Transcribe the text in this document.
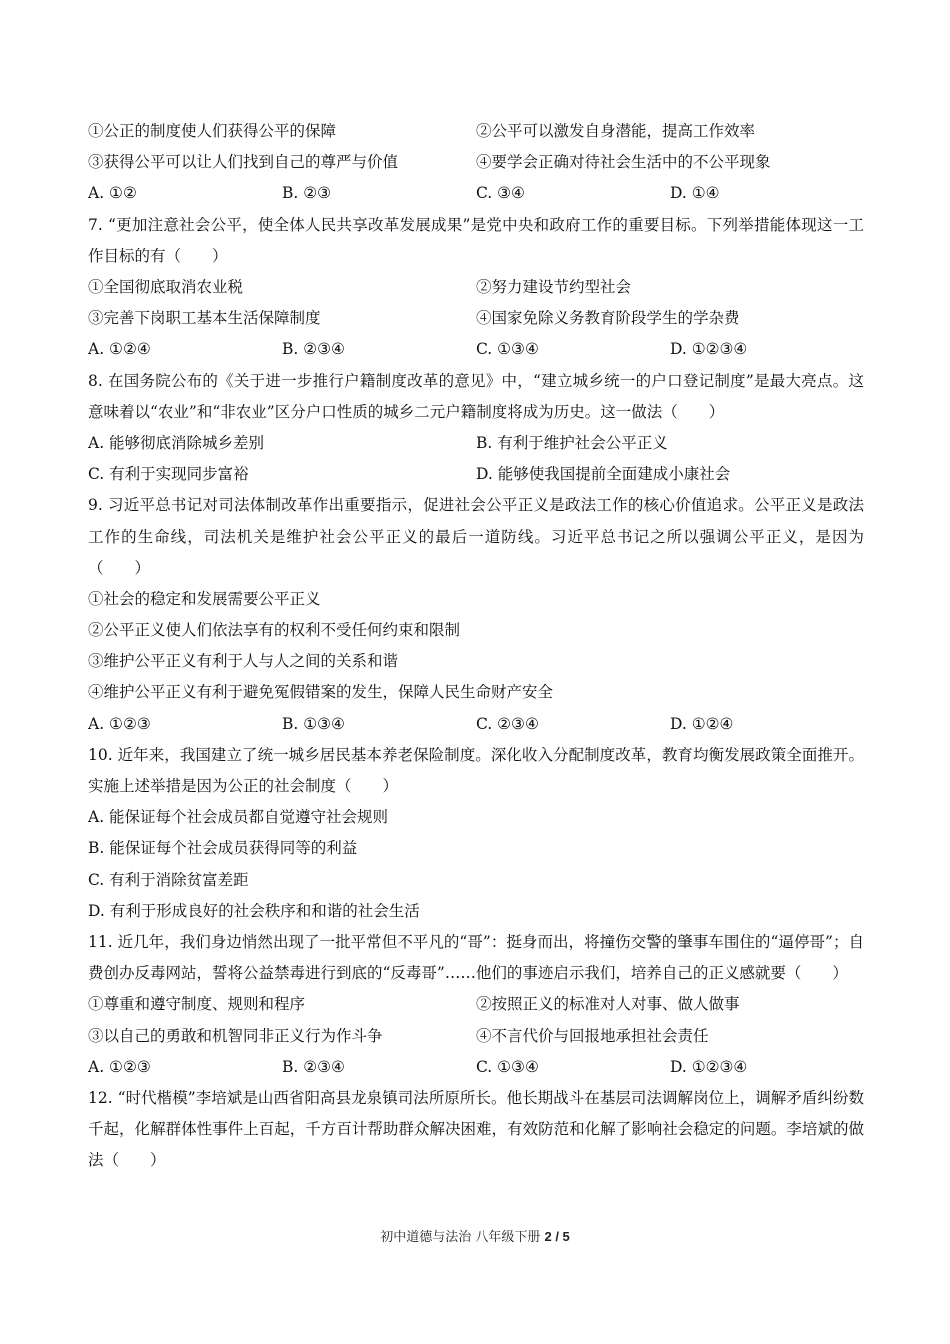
①公正的制度使人们获得公平的保障	②公平可以激发自身潜能，提高工作效率
③获得公平可以让人们找到自己的尊严与价值	④要学会正确对待社会生活中的不公平现象
A. ①②	B. ②③	C. ③④	D. ①④
7. “更加注意社会公平，使全体人民共享改革发展成果”是党中央和政府工作的重要目标。下列举措能体现这一工作目标的有（　　）
①全国彻底取消农业税	②努力建设节约型社会
③完善下岗职工基本生活保障制度	④国家免除义务教育阶段学生的学杂费
A. ①②④	B. ②③④	C. ①③④	D. ①②③④
8. 在国务院公布的《关于进一步推行户籍制度改革的意见》中，“建立城乡统一的户口登记制度”是最大亮点。这意味着以“农业”和“非农业”区分户口性质的城乡二元户籍制度将成为历史。这一做法（　　）
A. 能够彻底消除城乡差别	B. 有利于维护社会公平正义
C. 有利于实现同步富裕	D. 能够使我国提前全面建成小康社会
9. 习近平总书记对司法体制改革作出重要指示，促进社会公平正义是政法工作的核心价值追求。公平正义是政法工作的生命线，司法机关是维护社会公平正义的最后一道防线。习近平总书记之所以强调公平正义，是因为（　　）
①社会的稳定和发展需要公平正义
②公平正义使人们依法享有的权利不受任何约束和限制
③维护公平正义有利于人与人之间的关系和谐
④维护公平正义有利于避免冤假错案的发生，保障人民生命财产安全
A. ①②③	B. ①③④	C. ②③④	D. ①②④
10. 近年来，我国建立了统一城乡居民基本养老保险制度。深化收入分配制度改革，教育均衡发展政策全面推开。实施上述举措是因为公正的社会制度（　　）
A. 能保证每个社会成员都自觉遵守社会规则
B. 能保证每个社会成员获得同等的利益
C. 有利于消除贫富差距
D. 有利于形成良好的社会秩序和和谐的社会生活
11. 近几年，我们身边悄然出现了一批平常但不平凡的“哥”：挺身而出，将撞伤交警的肇事车围住的“逼停哥”；自费创办反毒网站，誓将公益禁毒进行到底的“反毒哥”……他们的事迹启示我们，培养自己的正义感就要（　　）
①尊重和遵守制度、规则和程序	②按照正义的标准对人对事、做人做事
③以自己的勇敢和机智同非正义行为作斗争	④不言代价与回报地承担社会责任
A. ①②③	B. ②③④	C. ①③④	D. ①②③④
12. “时代楷模”李培斌是山西省阳高县龙泉镇司法所原所长。他长期战斗在基层司法调解岗位上，调解矛盾纠纷数千起，化解群体性事件上百起，千方百计帮助群众解决困难，有效防范和化解了影响社会稳定的问题。李培斌的做法（　　）
初中道德与法治 八年级下册 2 / 5
